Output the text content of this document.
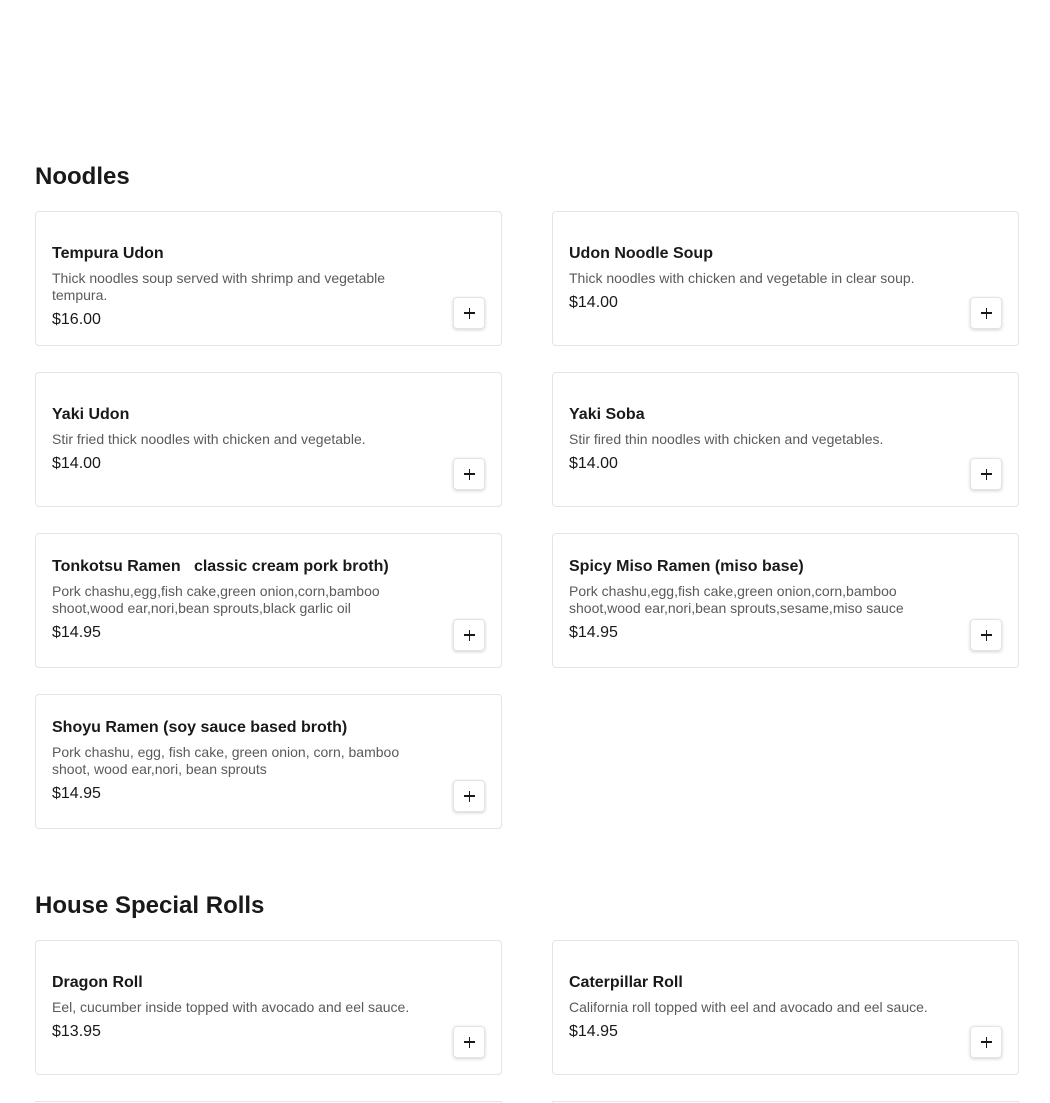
Noodles
Tempura Udon
Thick noodles soup served with shrimp and vegetable tempura.
$16.00
Udon Noodle Soup
Thick noodles with chicken and vegetable in clear soup.
$14.00
Yaki Udon
Stir fried thick noodles with chicken and vegetable.
$14.00
Yaki Soba
Stir fired thin noodles with chicken and vegetables.
$14.00
Tonkotsu Ramen   classic cream pork broth)
Pork chashu,egg,fish cake,green onion,corn,bamboo shoot,wood ear,nori,bean sprouts,black garlic oil
$14.95
Spicy Miso Ramen (miso base)
Pork chashu,egg,fish cake,green onion,corn,bamboo shoot,wood ear,nori,bean sprouts,sesame,miso sauce
$14.95
Shoyu Ramen (soy sauce based broth)
Pork chashu, egg, fish cake, green onion, corn, bamboo shoot, wood ear,nori, bean sprouts
$14.95
House Special Rolls
Dragon Roll
Eel, cucumber inside topped with avocado and eel sauce.
$13.95
Caterpillar Roll
California roll topped with eel and avocado and eel sauce.
$14.95
